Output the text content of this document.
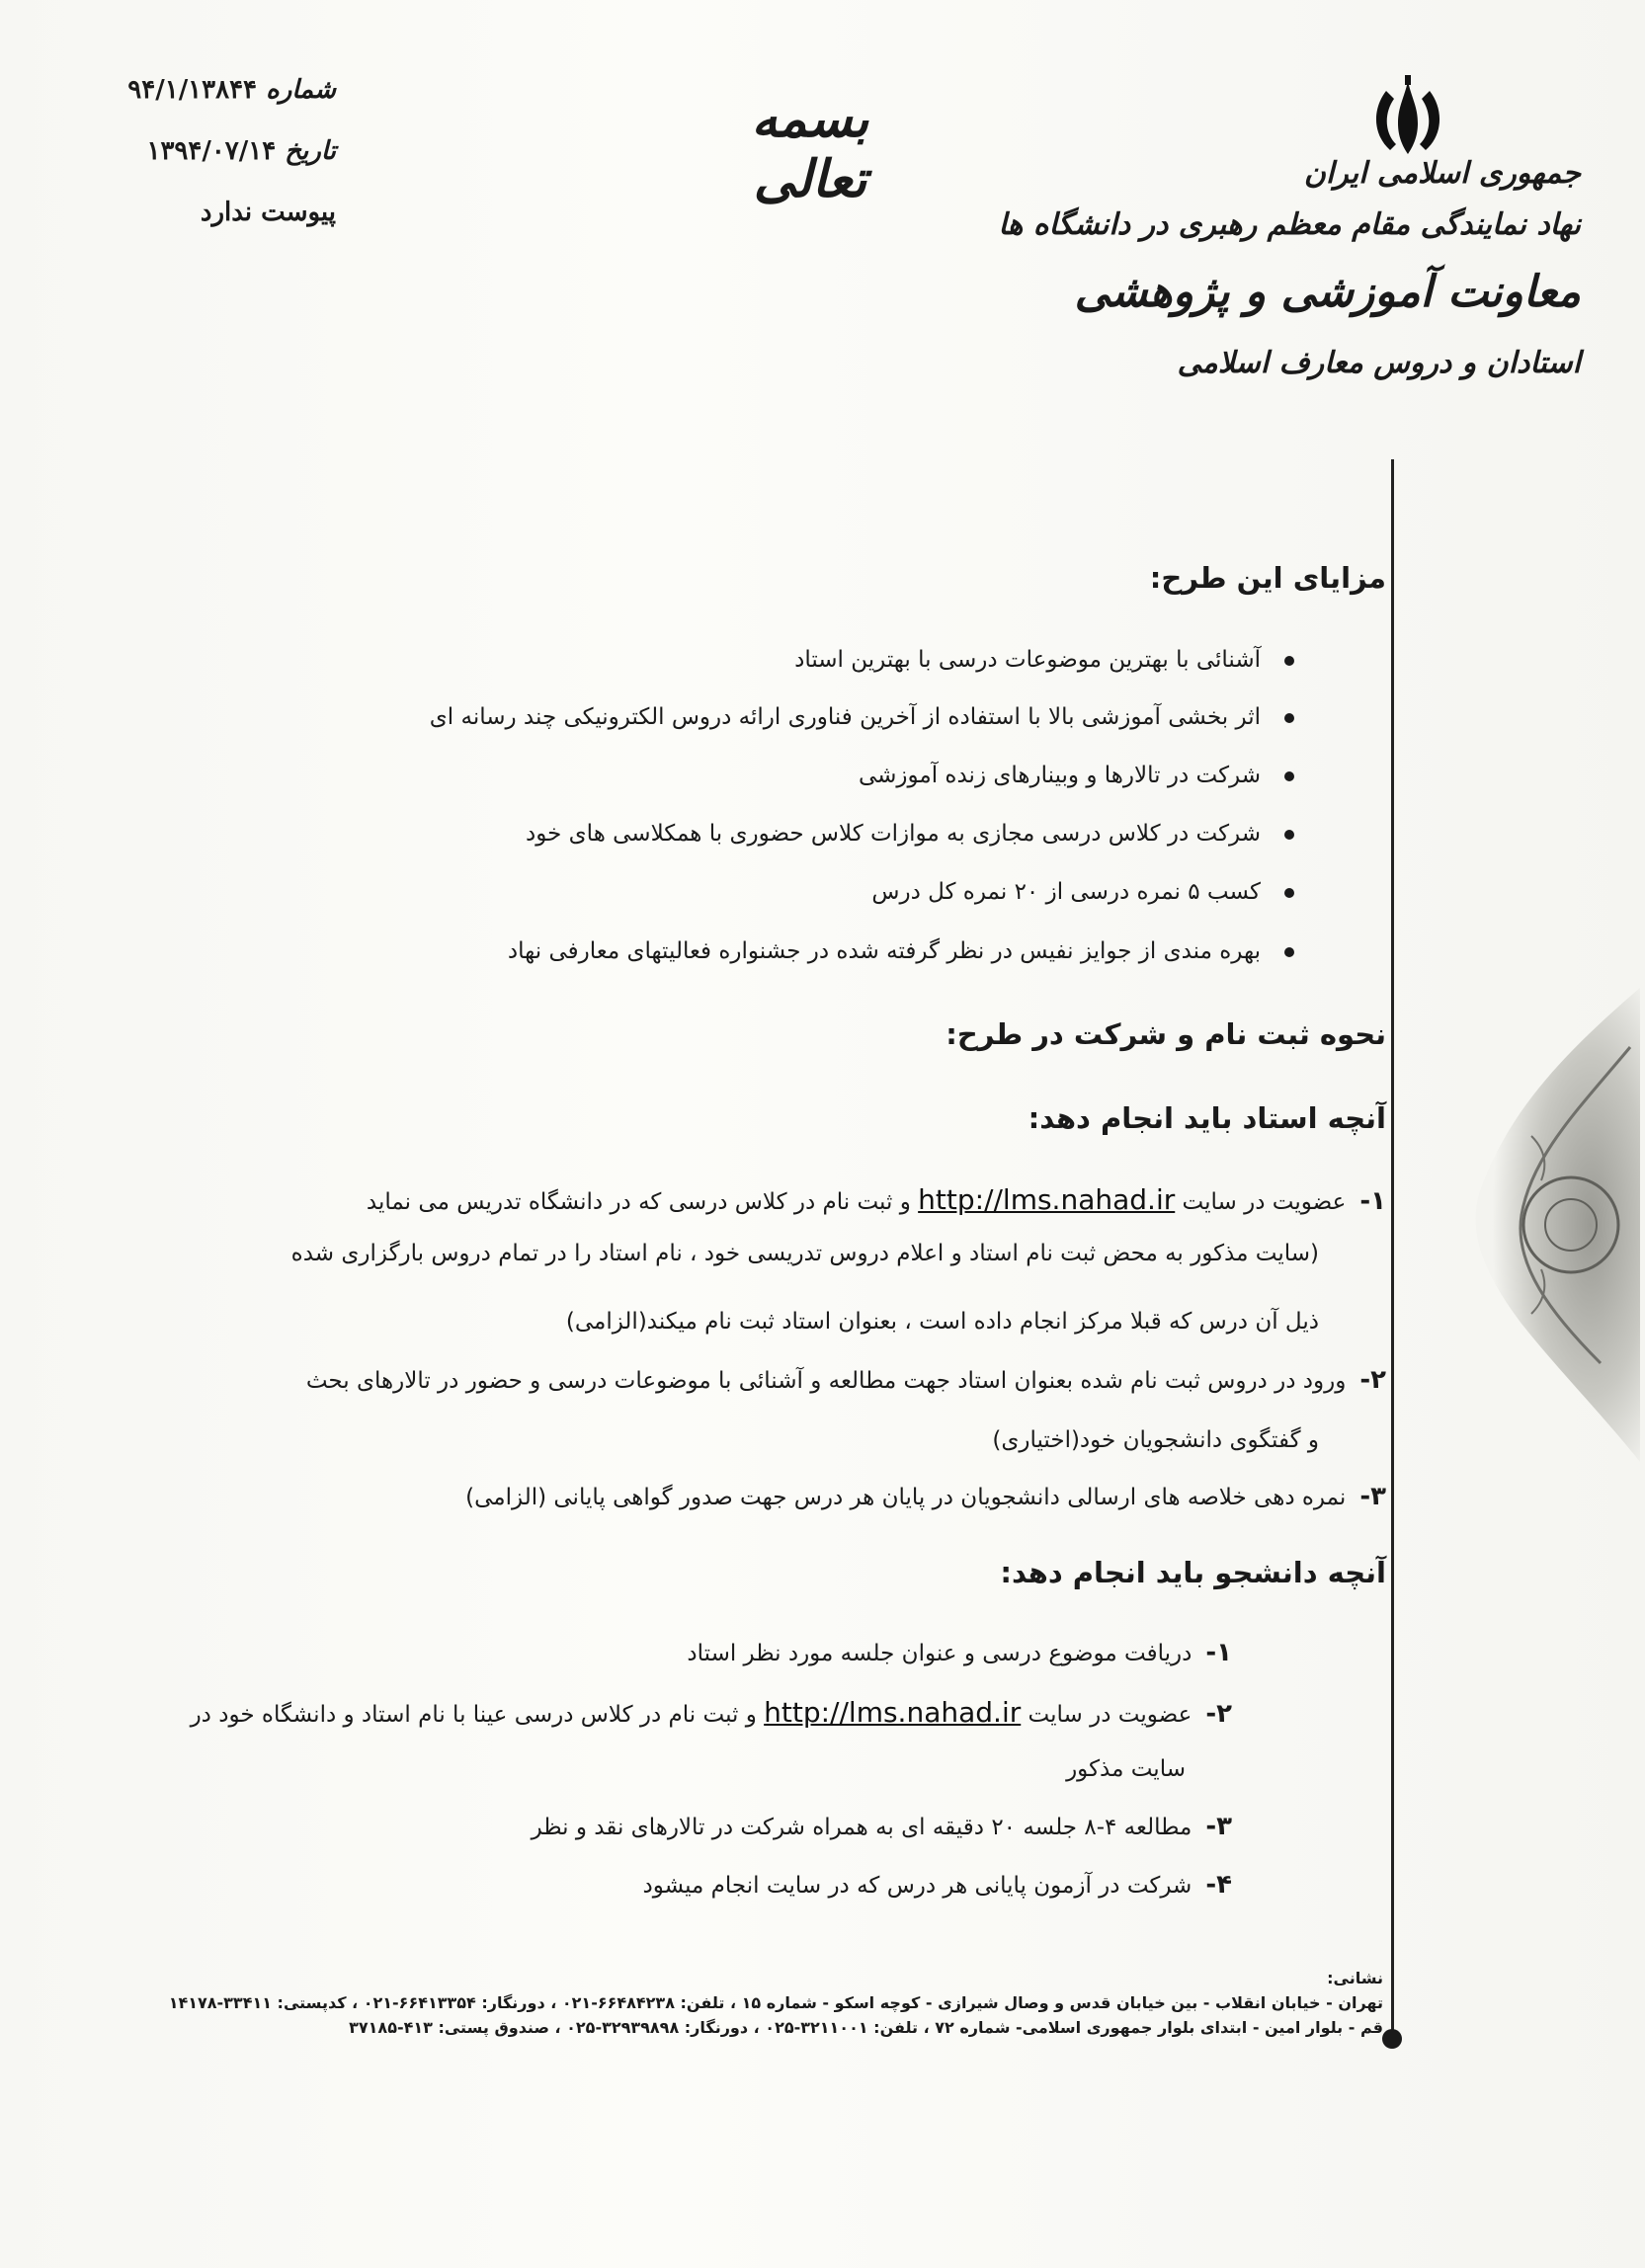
شماره ۹۴/۱/۱۳۸۴۴
تاریخ ۱۳۹۴/۰۷/۱۴
پیوست ندارد
بسمه تعالی	جمهوری اسلامی ایران
نهاد نمایندگی مقام معظم رهبری در دانشگاه ها
معاونت آموزشی و پژوهشی
استادان و دروس معارف اسلامی
مزایای این طرح:
آشنائی با بهترین موضوعات درسی با بهترین استاد
اثر بخشی آموزشی بالا با استفاده از آخرین فناوری ارائه دروس الکترونیکی چند رسانه ای
شرکت در تالارها و وبینارهای زنده آموزشی
شرکت در کلاس درسی مجازی به موازات کلاس حضوری با همکلاسی های خود
کسب ۵ نمره درسی از ۲۰ نمره کل درس
بهره مندی از جوایز نفیس در نظر گرفته شده در جشنواره فعالیتهای معارفی نهاد
نحوه ثبت نام و شرکت در طرح:
آنچه استاد باید انجام دهد:
۱-عضویت در سایت http://lms.nahad.ir و ثبت نام در کلاس درسی که در دانشگاه تدریس می نماید
(سایت مذکور به محض ثبت نام استاد و اعلام دروس تدریسی خود ، نام استاد را در تمام دروس بارگزاری شده
ذیل آن درس که قبلا مرکز انجام داده است ، بعنوان استاد ثبت نام میکند(الزامی)
۲-ورود در دروس ثبت نام شده بعنوان استاد جهت مطالعه و آشنائی با موضوعات درسی و حضور در تالارهای بحث
و گفتگوی دانشجویان خود(اختیاری)
۳-نمره دهی خلاصه های ارسالی دانشجویان در پایان هر درس جهت صدور گواهی پایانی (الزامی)
آنچه دانشجو باید انجام دهد:
۱-دریافت موضوع درسی و عنوان جلسه مورد نظر استاد
۲-عضویت در سایت http://lms.nahad.ir و ثبت نام در کلاس درسی عینا با نام استاد و دانشگاه خود در
سایت مذکور
۳-مطالعه ۴-۸ جلسه ۲۰ دقیقه ای به همراه شرکت در تالارهای نقد و نظر
۴-شرکت در آزمون پایانی هر درس که در سایت انجام میشود
نشانی:
تهران - خیابان انقلاب - بین خیابان قدس و وصال شیرازی - کوچه اسکو - شماره ۱۵ ، تلفن: ۶۶۴۸۴۲۳۸-۰۲۱ ، دورنگار: ۶۶۴۱۳۳۵۴-۰۲۱ ، کدپستی: ۳۳۴۱۱-۱۴۱۷۸
قم - بلوار امین - ابتدای بلوار جمهوری اسلامی- شماره ۷۲ ، تلفن: ۳۲۱۱۰۰۱-۰۲۵ ، دورنگار: ۳۲۹۳۹۸۹۸-۰۲۵ ، صندوق پستی: ۴۱۳-۳۷۱۸۵
